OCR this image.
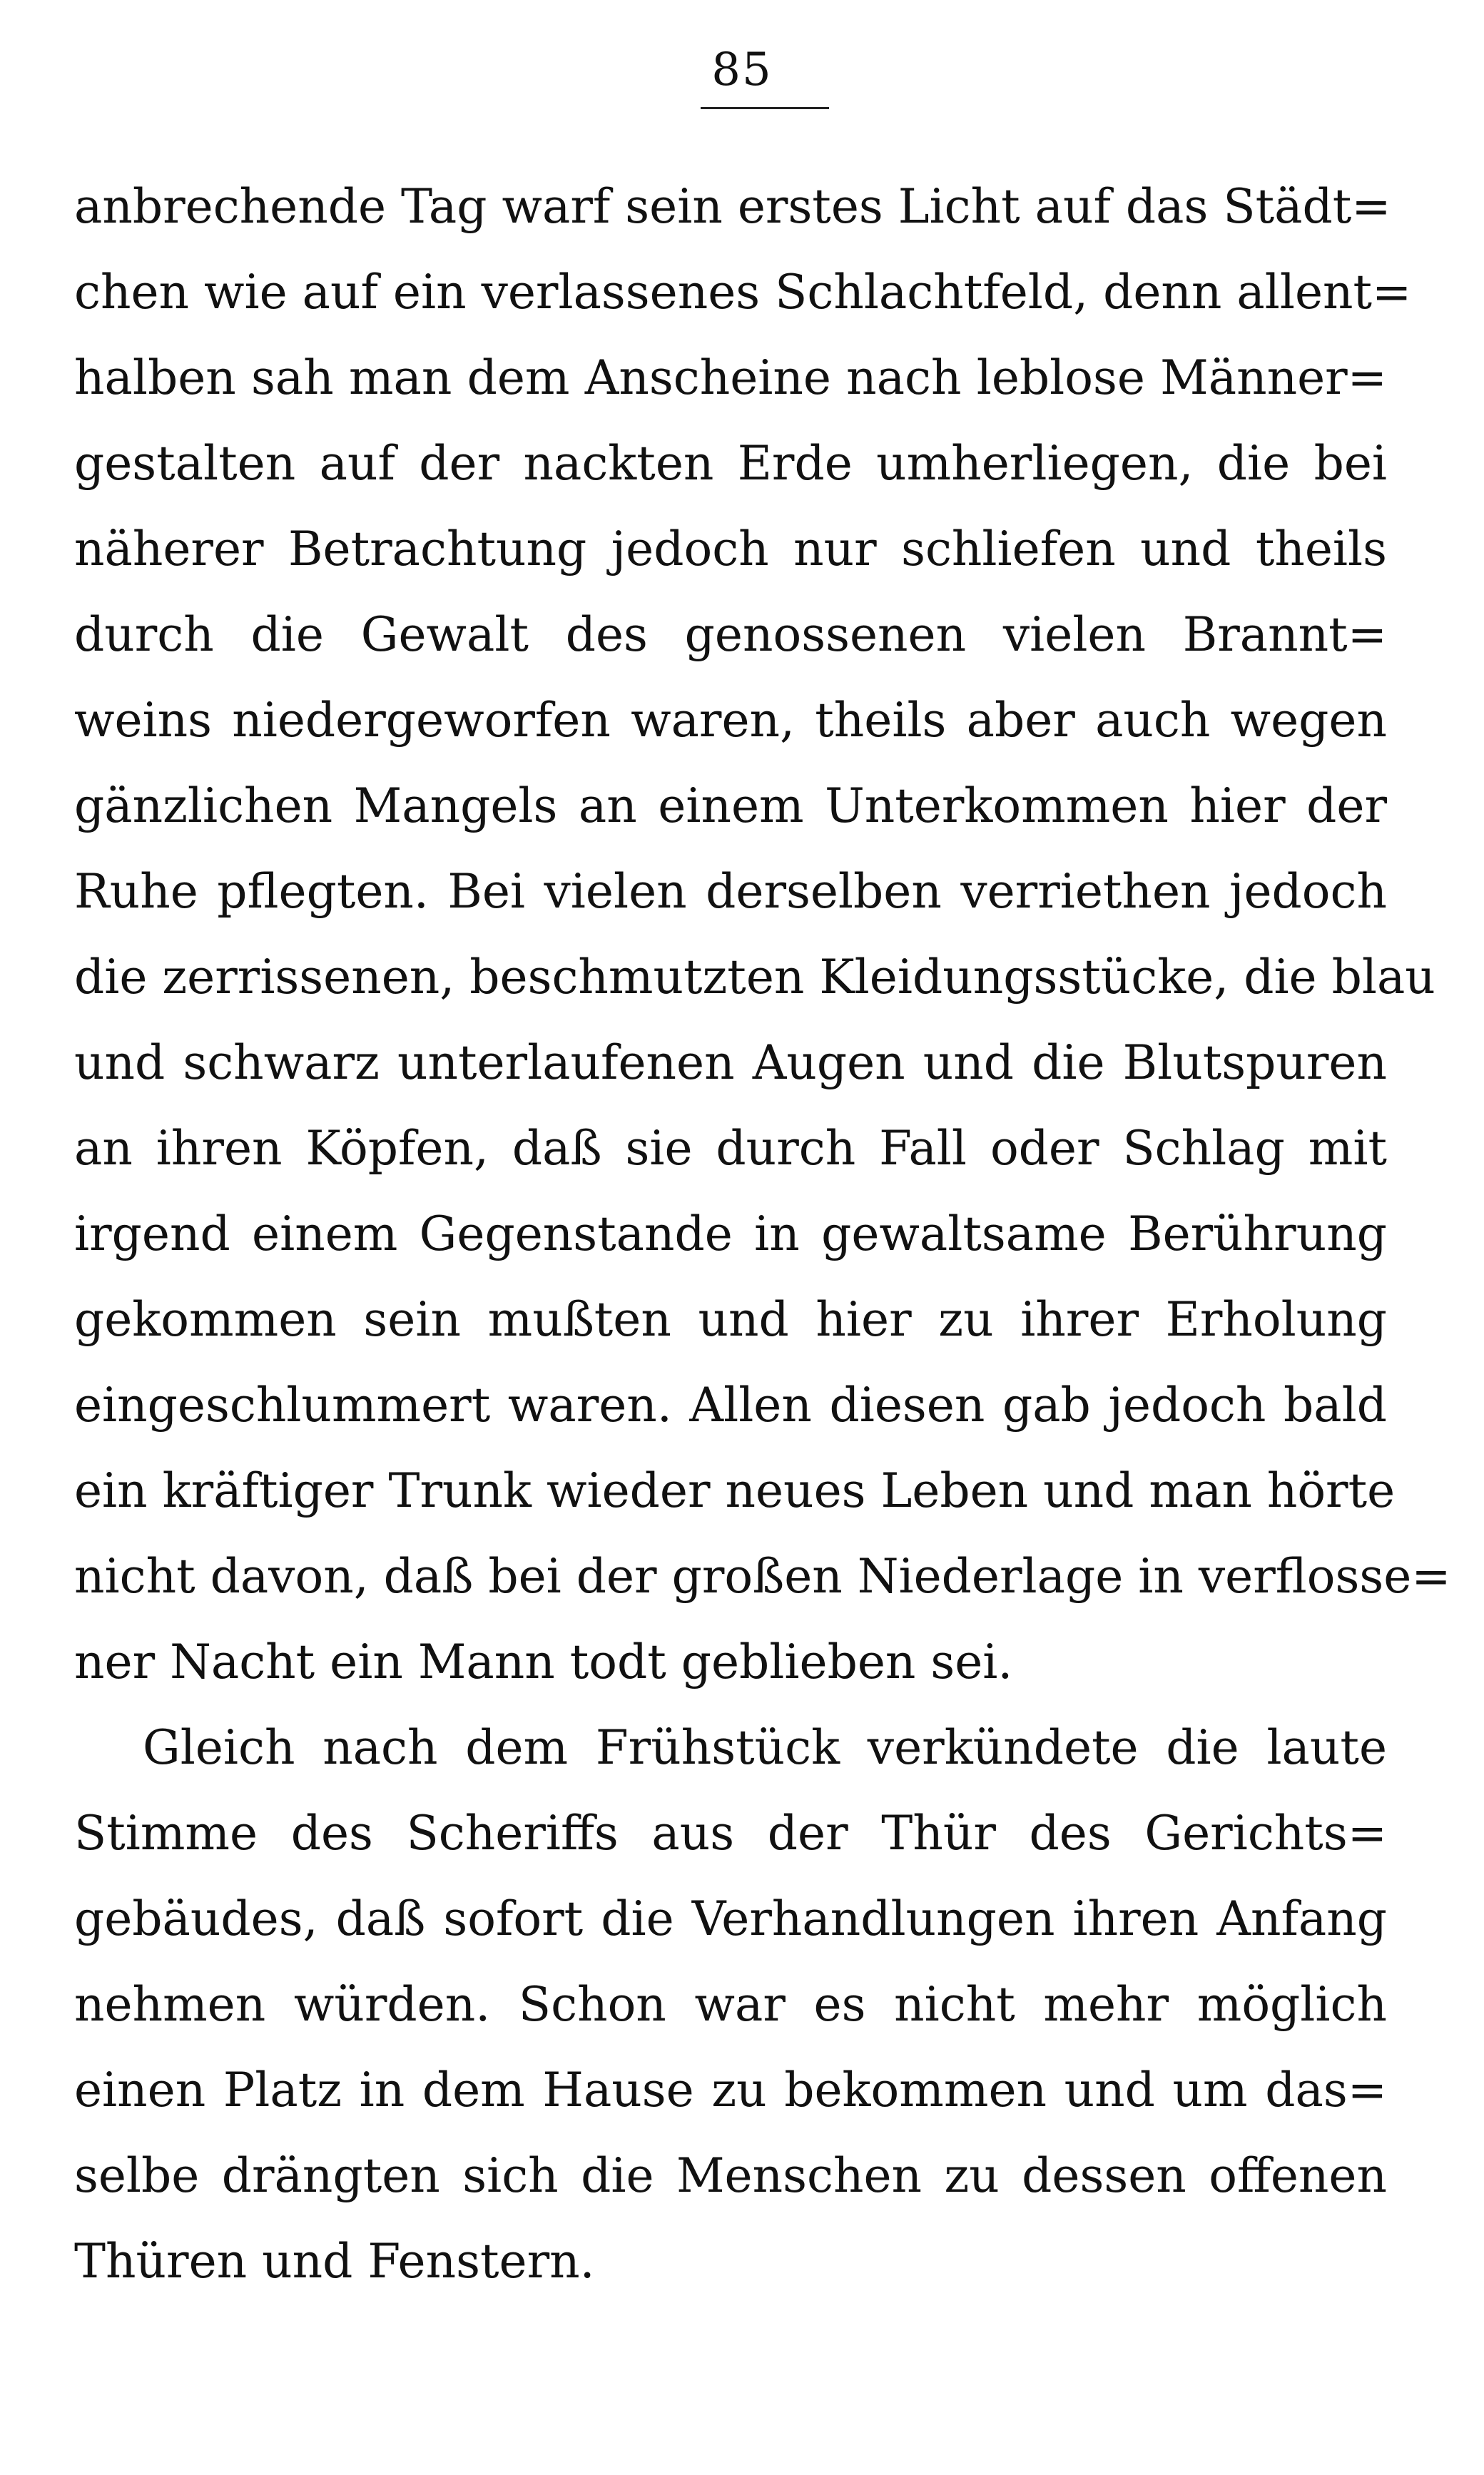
85
anbrechende Tag warf sein erstes Licht auf das Städt=
chen wie auf ein verlassenes Schlachtfeld, denn allent=
halben sah man dem Anscheine nach leblose Männer=
gestalten auf der nackten Erde umherliegen, die bei
näherer Betrachtung jedoch nur schliefen und theils
durch die Gewalt des genossenen vielen Brannt=
weins niedergeworfen waren, theils aber auch wegen
gänzlichen Mangels an einem Unterkommen hier der
Ruhe pflegten. Bei vielen derselben verriethen jedoch
die zerrissenen, beschmutzten Kleidungsstücke, die blau
und schwarz unterlaufenen Augen und die Blutspuren
an ihren Köpfen, daß sie durch Fall oder Schlag mit
irgend einem Gegenstande in gewaltsame Berührung
gekommen sein mußten und hier zu ihrer Erholung
eingeschlummert waren. Allen diesen gab jedoch bald
ein kräftiger Trunk wieder neues Leben und man hörte
nicht davon, daß bei der großen Niederlage in verflosse=
ner Nacht ein Mann todt geblieben sei.
Gleich nach dem Frühstück verkündete die laute
Stimme des Scheriffs aus der Thür des Gerichts=
gebäudes, daß sofort die Verhandlungen ihren Anfang
nehmen würden. Schon war es nicht mehr möglich
einen Platz in dem Hause zu bekommen und um das=
selbe drängten sich die Menschen zu dessen offenen
Thüren und Fenstern.
